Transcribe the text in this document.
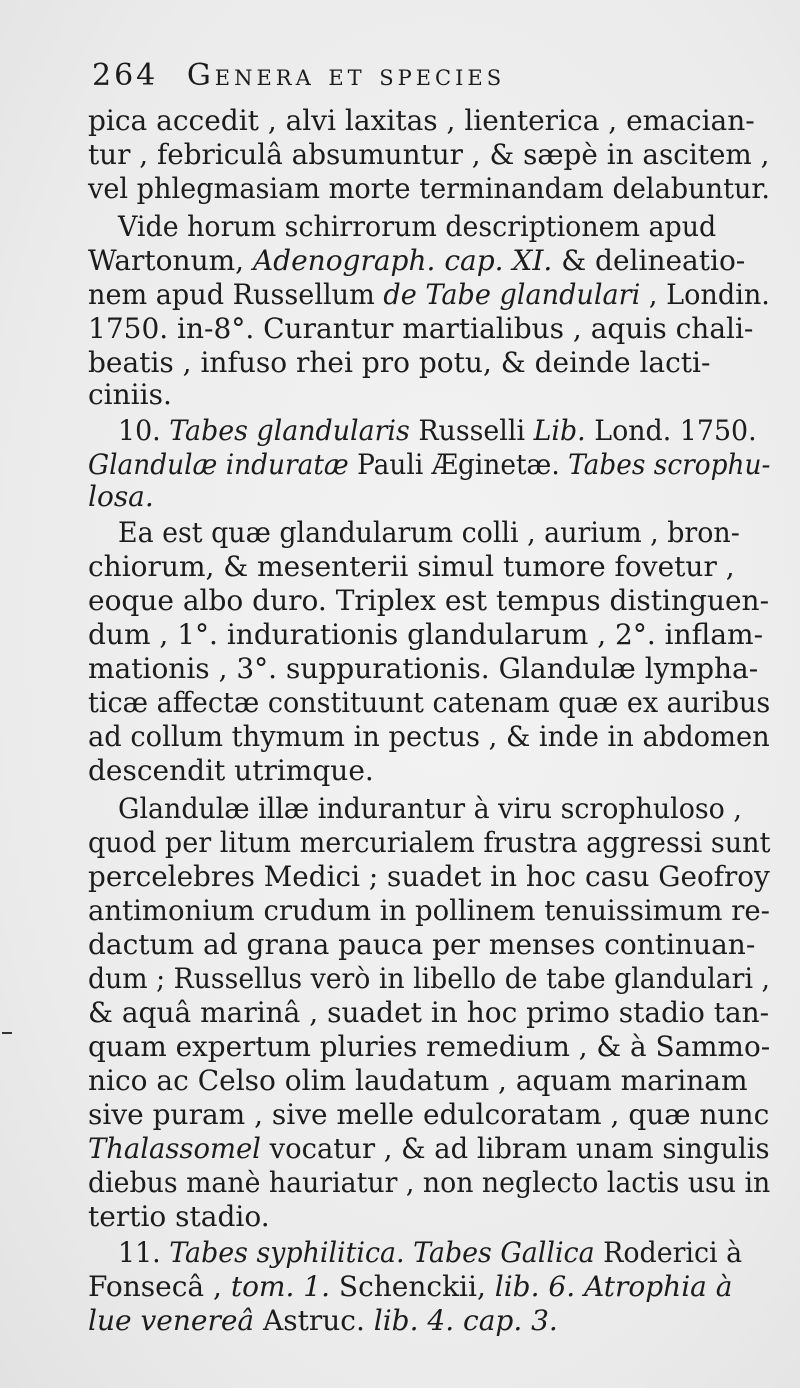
264 Genera et species
pica accedit , alvi laxitas , lienterica , emacian-
tur , febriculâ absumuntur , & sæpè in ascitem ,
vel phlegmasiam morte terminandam delabuntur.
Vide horum schirrorum descriptionem apud
Wartonum, Adenograph. cap. XI. & delineatio-
nem apud Russellum de Tabe glandulari , Londin.
1750. in-8°. Curantur martialibus , aquis chali-
beatis , infuso rhei pro potu, & deinde lacti-
ciniis.
10. Tabes glandularis Russelli Lib. Lond. 1750.
Glandulæ induratæ Pauli Æginetæ. Tabes scrophu-
losa.
Ea est quæ glandularum colli , aurium , bron-
chiorum, & mesenterii simul tumore fovetur ,
eoque albo duro. Triplex est tempus distinguen-
dum , 1°. indurationis glandularum , 2°. inflam-
mationis , 3°. suppurationis. Glandulæ lympha-
ticæ affectæ constituunt catenam quæ ex auribus
ad collum thymum in pectus , & inde in abdomen
descendit utrimque.
Glandulæ illæ indurantur à viru scrophuloso ,
quod per litum mercurialem frustra aggressi sunt
percelebres Medici ; suadet in hoc casu Geofroy
antimonium crudum in pollinem tenuissimum re-
dactum ad grana pauca per menses continuan-
dum ; Russellus verò in libello de tabe glandulari ,
& aquâ marinâ , suadet in hoc primo stadio tan-
quam expertum pluries remedium , & à Sammo-
nico ac Celso olim laudatum , aquam marinam
sive puram , sive melle edulcoratam , quæ nunc
Thalassomel vocatur , & ad libram unam singulis
diebus manè hauriatur , non neglecto lactis usu in
tertio stadio.
11. Tabes syphilitica. Tabes Gallica Roderici à
Fonsecâ , tom. 1. Schenckii, lib. 6. Atrophia à
lue venereâ Astruc. lib. 4. cap. 3.
